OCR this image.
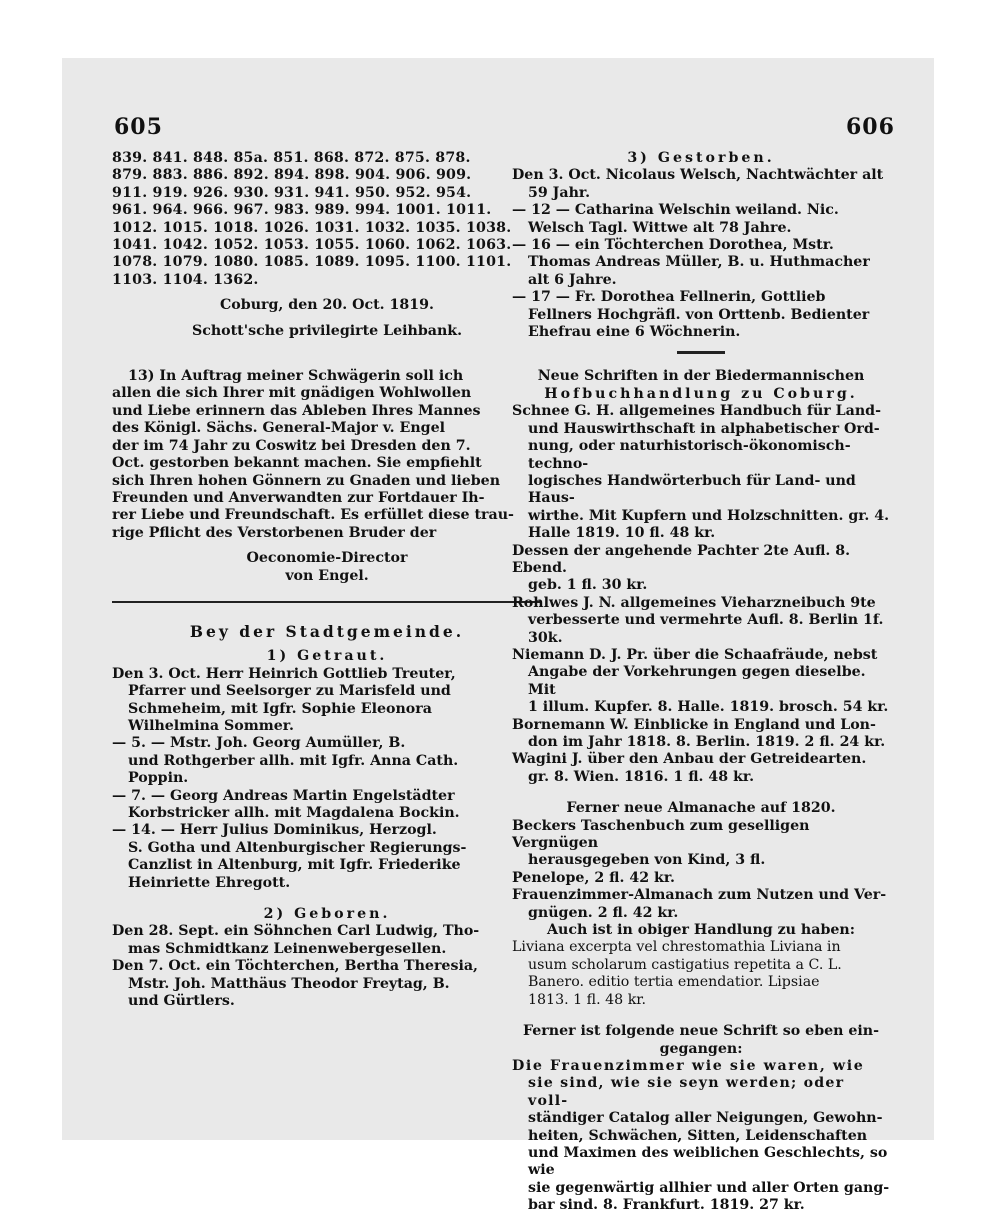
605	606

839. 841. 848. 85a. 851. 868. 872. 875. 878.

879. 883. 886. 892. 894. 898. 904. 906. 909.

911. 919. 926. 930. 931. 941. 950. 952. 954.

961. 964. 966. 967. 983. 989. 994. 1001. 1011.

1012. 1015. 1018. 1026. 1031. 1032. 1035. 1038.

1041. 1042. 1052. 1053. 1055. 1060. 1062. 1063.

1078. 1079. 1080. 1085. 1089. 1095. 1100. 1101.

1103. 1104. 1362.

Coburg, den 20. Oct. 1819.

Schott'sche privilegirte Leihbank.

13) In Auftrag meiner Schwägerin soll ich

allen die sich Ihrer mit gnädigen Wohlwollen

und Liebe erinnern das Ableben Ihres Mannes

des Königl. Sächs. General-Major v. Engel

der im 74 Jahr zu Coswitz bei Dresden den 7.

Oct. gestorben bekannt machen. Sie empfiehlt

sich Ihren hohen Gönnern zu Gnaden und lieben

Freunden und Anverwandten zur Fortdauer Ih-

rer Liebe und Freundschaft. Es erfüllet diese trau-

rige Pflicht des Verstorbenen Bruder der

Oeconomie-Director

von Engel.

Bey der Stadtgemeinde.

1) Getraut.

Den 3. Oct. Herr Heinrich Gottlieb Treuter,

Pfarrer und Seelsorger zu Marisfeld und

Schmeheim, mit Igfr. Sophie Eleonora

Wilhelmina Sommer.

— 5. — Mstr. Joh. Georg Aumüller, B.

und Rothgerber allh. mit Igfr. Anna Cath.

Poppin.

— 7. — Georg Andreas Martin Engelstädter

Korbstricker allh. mit Magdalena Bockin.

— 14. — Herr Julius Dominikus, Herzogl.

S. Gotha und Altenburgischer Regierungs-

Canzlist in Altenburg, mit Igfr. Friederike

Heinriette Ehregott.

2) Geboren.

Den 28. Sept. ein Söhnchen Carl Ludwig, Tho-

mas Schmidtkanz Leinenwebergesellen.

Den 7. Oct. ein Töchterchen, Bertha Theresia,

Mstr. Joh. Matthäus Theodor Freytag, B.

und Gürtlers.

3) Gestorben.

Den 3. Oct. Nicolaus Welsch, Nachtwächter alt

59 Jahr.

— 12 — Catharina Welschin weiland. Nic.

Welsch Tagl. Wittwe alt 78 Jahre.

— 16 — ein Töchterchen Dorothea, Mstr.

Thomas Andreas Müller, B. u. Huthmacher

alt 6 Jahre.

— 17 — Fr. Dorothea Fellnerin, Gottlieb

Fellners Hochgräfl. von Orttenb. Bedienter

Ehefrau eine 6 Wöchnerin.

Neue Schriften in der Biedermannischen

Hofbuchhandlung zu Coburg.

Schnee G. H. allgemeines Handbuch für Land-

und Hauswirthschaft in alphabetischer Ord-

nung, oder naturhistorisch-ökonomisch-techno-

logisches Handwörterbuch für Land- und Haus-

wirthe. Mit Kupfern und Holzschnitten. gr. 4.

Halle 1819. 10 fl. 48 kr.

Dessen der angehende Pachter 2te Aufl. 8. Ebend.

geb. 1 fl. 30 kr.

Rohlwes J. N. allgemeines Vieharzneibuch 9te

verbesserte und vermehrte Aufl. 8. Berlin 1f. 30k.

Niemann D. J. Pr. über die Schaafräude, nebst

Angabe der Vorkehrungen gegen dieselbe. Mit

1 illum. Kupfer. 8. Halle. 1819. brosch. 54 kr.

Bornemann W. Einblicke in England und Lon-

don im Jahr 1818. 8. Berlin. 1819. 2 fl. 24 kr.

Wagini J. über den Anbau der Getreidearten.

gr. 8. Wien. 1816. 1 fl. 48 kr.

Ferner neue Almanache auf 1820.

Beckers Taschenbuch zum geselligen Vergnügen

herausgegeben von Kind, 3 fl.

Penelope, 2 fl. 42 kr.

Frauenzimmer-Almanach zum Nutzen und Ver-

gnügen. 2 fl. 42 kr.

Auch ist in obiger Handlung zu haben:

Liviana excerpta vel chrestomathia Liviana in

usum scholarum castigatius repetita a C. L.

Banero. editio tertia emendatior. Lipsiae

1813. 1 fl. 48 kr.

Ferner ist folgende neue Schrift so eben ein-

gegangen:

Die Frauenzimmer wie sie waren, wie

sie sind, wie sie seyn werden; oder voll-

ständiger Catalog aller Neigungen, Gewohn-

heiten, Schwächen, Sitten, Leidenschaften

und Maximen des weiblichen Geschlechts, so wie

sie gegenwärtig allhier und aller Orten gang-

bar sind. 8. Frankfurt. 1819. 27 kr.
